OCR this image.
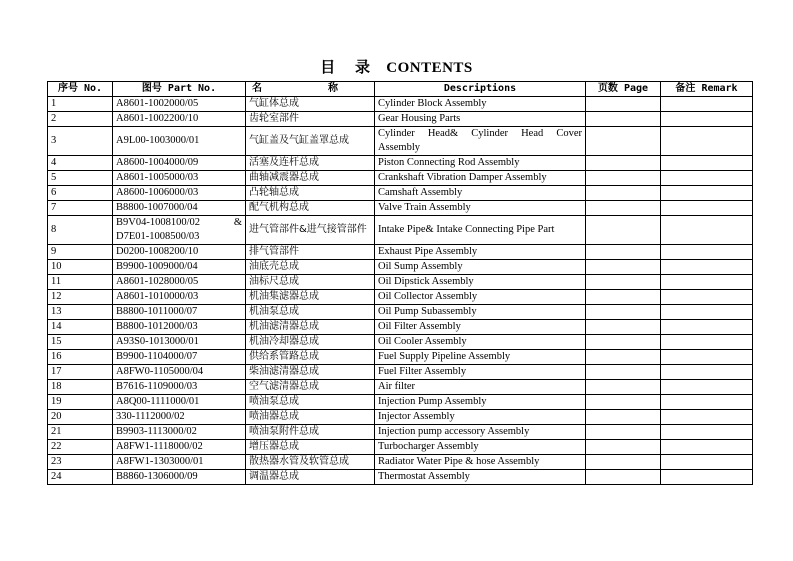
目 录 CONTENTS
序号 No.	图号 Part No.	名 称	Descriptions	页数 Page	备注 Remark
1	A8601-1002000/05	气缸体总成	Cylinder Block Assembly		
2	A8601-1002200/10	齿轮室部件	Gear Housing Parts		
3	A9L00-1003000/01	气缸盖及气缸盖罩总成	Cylinder Head& Cylinder Head Cover Assembly		
4	A8600-1004000/09	活塞及连杆总成	Piston Connecting Rod Assembly		
5	A8601-1005000/03	曲轴减震器总成	Crankshaft Vibration Damper Assembly		
6	A8600-1006000/03	凸轮轴总成	Camshaft Assembly		
7	B8800-1007000/04	配气机构总成	Valve Train Assembly		
8	B9V04-1008100/02 & D7E01-1008500/03	进气管部件&进气接管部件	Intake Pipe& Intake Connecting Pipe Part		
9	D0200-1008200/10	排气管部件	Exhaust Pipe Assembly		
10	B9900-1009000/04	油底壳总成	Oil Sump Assembly		
11	A8601-1028000/05	油标尺总成	Oil Dipstick Assembly		
12	A8601-1010000/03	机油集滤器总成	Oil Collector Assembly		
13	B8800-1011000/07	机油泵总成	Oil Pump Subassembly		
14	B8800-1012000/03	机油滤清器总成	Oil Filter Assembly		
15	A93S0-1013000/01	机油冷却器总成	Oil Cooler Assembly		
16	B9900-1104000/07	供给系管路总成	Fuel Supply Pipeline Assembly		
17	A8FW0-1105000/04	柴油滤清器总成	Fuel Filter Assembly		
18	B7616-1109000/03	空气滤清器总成	Air filter		
19	A8Q00-1111000/01	喷油泵总成	Injection Pump Assembly		
20	330-1112000/02	喷油器总成	Injector Assembly		
21	B9903-1113000/02	喷油泵附件总成	Injection pump accessory Assembly		
22	A8FW1-1118000/02	增压器总成	Turbocharger Assembly		
23	A8FW1-1303000/01	散热器水管及软管总成	Radiator Water Pipe & hose Assembly		
24	B8860-1306000/09	调温器总成	Thermostat Assembly		
